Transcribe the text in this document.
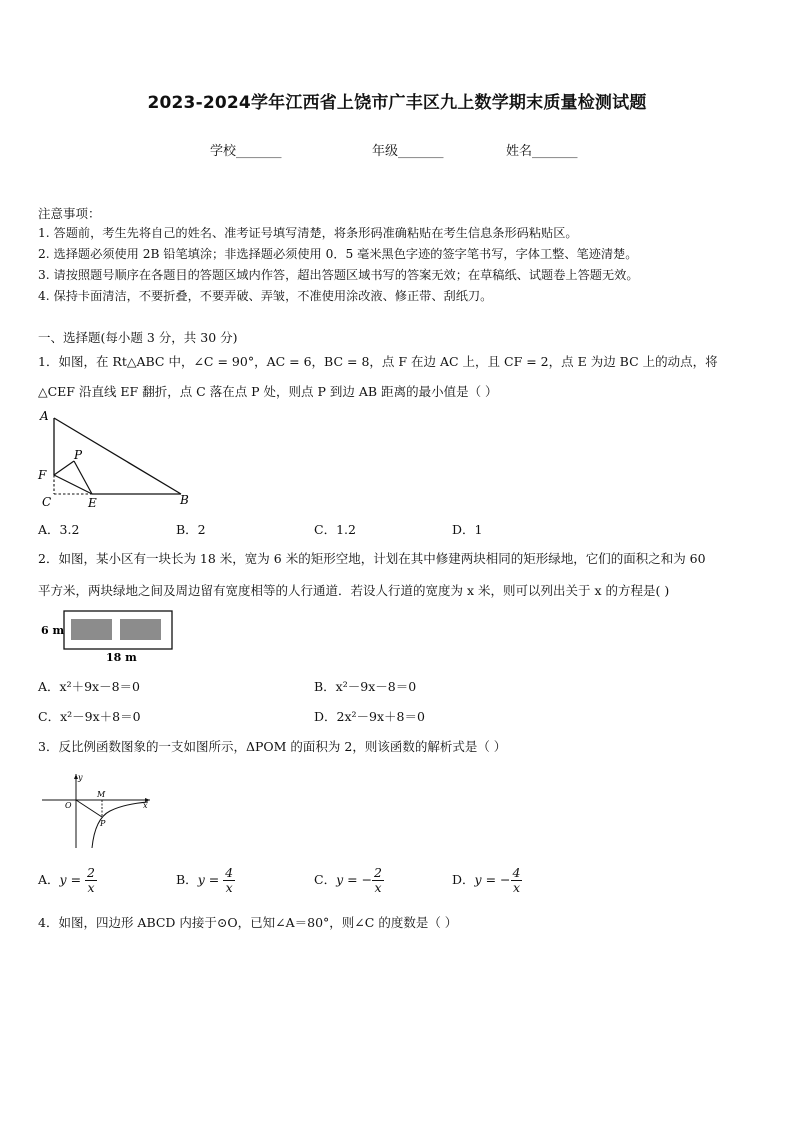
2023-2024学年江西省上饶市广丰区九上数学期末质量检测试题
学校_______	年级_______	姓名_______
注意事项：
1. 答题前，考生先将自己的姓名、准考证号填写清楚，将条形码准确粘贴在考生信息条形码粘贴区。
2. 选择题必须使用 2B 铅笔填涂；非选择题必须使用 0．5 毫米黑色字迹的签字笔书写，字体工整、笔迹清楚。
3. 请按照题号顺序在各题目的答题区域内作答，超出答题区域书写的答案无效；在草稿纸、试题卷上答题无效。
4. 保持卡面清洁，不要折叠，不要弄破、弄皱，不准使用涂改液、修正带、刮纸刀。
一、选择题(每小题 3 分，共 30 分)
1．如图，在 Rt△ABC 中，∠C = 90°，AC = 6，BC = 8，点 F 在边 AC 上，且 CF = 2，点 E 为边 BC 上的动点，将
△CEF 沿直线 EF 翻折，点 C 落在点 P 处，则点 P 到边 AB 距离的最小值是（ ）
A
P
F
C	E	B
A．3.2	B．2	C．1.2	D．1
2．如图，某小区有一块长为 18 米，宽为 6 米的矩形空地，计划在其中修建两块相同的矩形绿地，它们的面积之和为 60
平方米，两块绿地之间及周边留有宽度相等的人行通道．若设人行道的宽度为 x 米，则可以列出关于 x 的方程是( )
6 m
18 m
A．x²＋9x－8＝0	B．x²－9x－8＝0
C．x²－9x＋8＝0	D．2x²－9x＋8＝0
3．反比例函数图象的一支如图所示，ΔPOM 的面积为 2，则该函数的解析式是（ ）
y
O
M
x
P
A．$y = \frac{2}{x}$	B．$y = \frac{4}{x}$	C．y = − $\frac{2}{x}$	D．y = − $\frac{4}{x}$
4．如图，四边形 ABCD 内接于⊙O，已知∠A＝80°，则∠C 的度数是（ ）
